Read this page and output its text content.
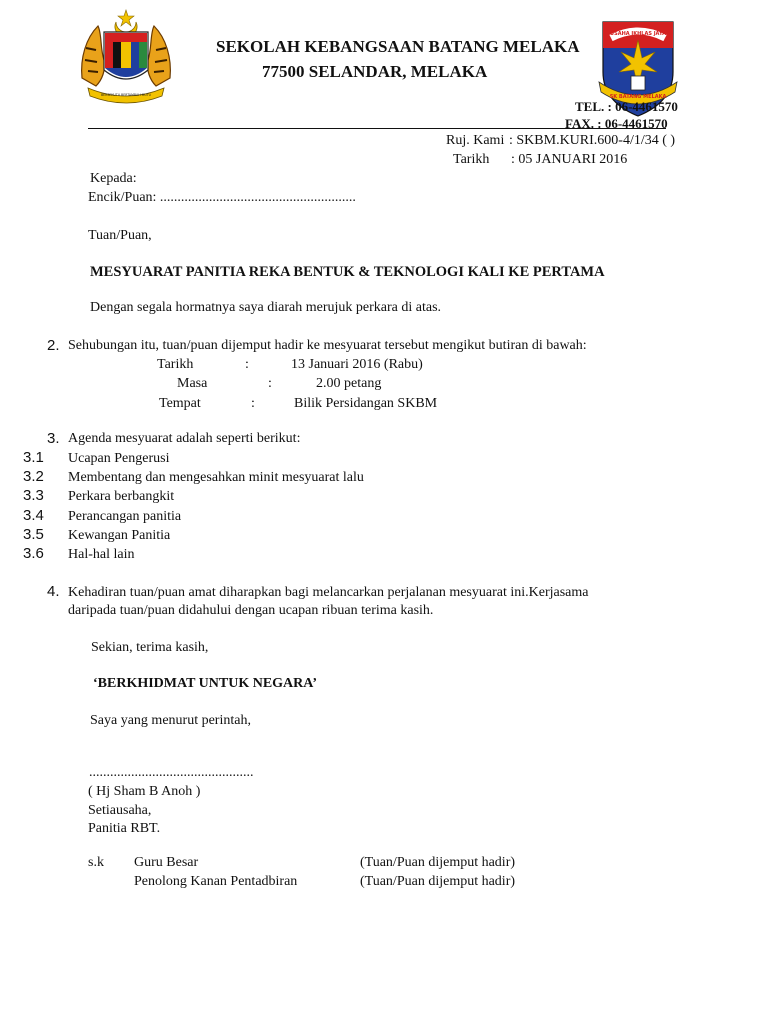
BERSEKUTU BERTAMBAH MUTU
USAHA IKHLAS JAYA
SK BATANG MELAKA
SEKOLAH KEBANGSAAN BATANG MELAKA
77500 SELANDAR, MELAKA
TEL. : 06-4461570
FAX. : 06-4461570
Ruj. Kami : SKBM.KURI.600-4/1/34 ( )
Tarikh : 05 JANUARI 2016
Kepada:
Encik/Puan: ........................................................
Tuan/Puan,
MESYUARAT PANITIA REKA BENTUK & TEKNOLOGI KALI KE PERTAMA
Dengan segala hormatnya saya diarah merujuk perkara di atas.
2. Sehubungan itu, tuan/puan dijemput hadir ke mesyuarat tersebut mengikut butiran di bawah:
Tarikh	:	13 Januari 2016 (Rabu)
Masa	:	2.00 petang
Tempat	:	Bilik Persidangan SKBM
3. Agenda mesyuarat adalah seperti berikut:
3.1 Ucapan Pengerusi
3.2 Membentang dan mengesahkan minit mesyuarat lalu
3.3 Perkara berbangkit
3.4 Perancangan panitia
3.5 Kewangan Panitia
3.6 Hal-hal lain
4. Kehadiran tuan/puan amat diharapkan bagi melancarkan perjalanan mesyuarat ini.Kerjasama
daripada tuan/puan didahului dengan ucapan ribuan terima kasih.
Sekian, terima kasih,
‘BERKHIDMAT UNTUK NEGARA’
Saya yang menurut perintah,
...............................................
( Hj Sham B Anoh )
Setiausaha,
Panitia RBT.
s.k Guru Besar	(Tuan/Puan dijemput hadir)
Penolong Kanan Pentadbiran	(Tuan/Puan dijemput hadir)
